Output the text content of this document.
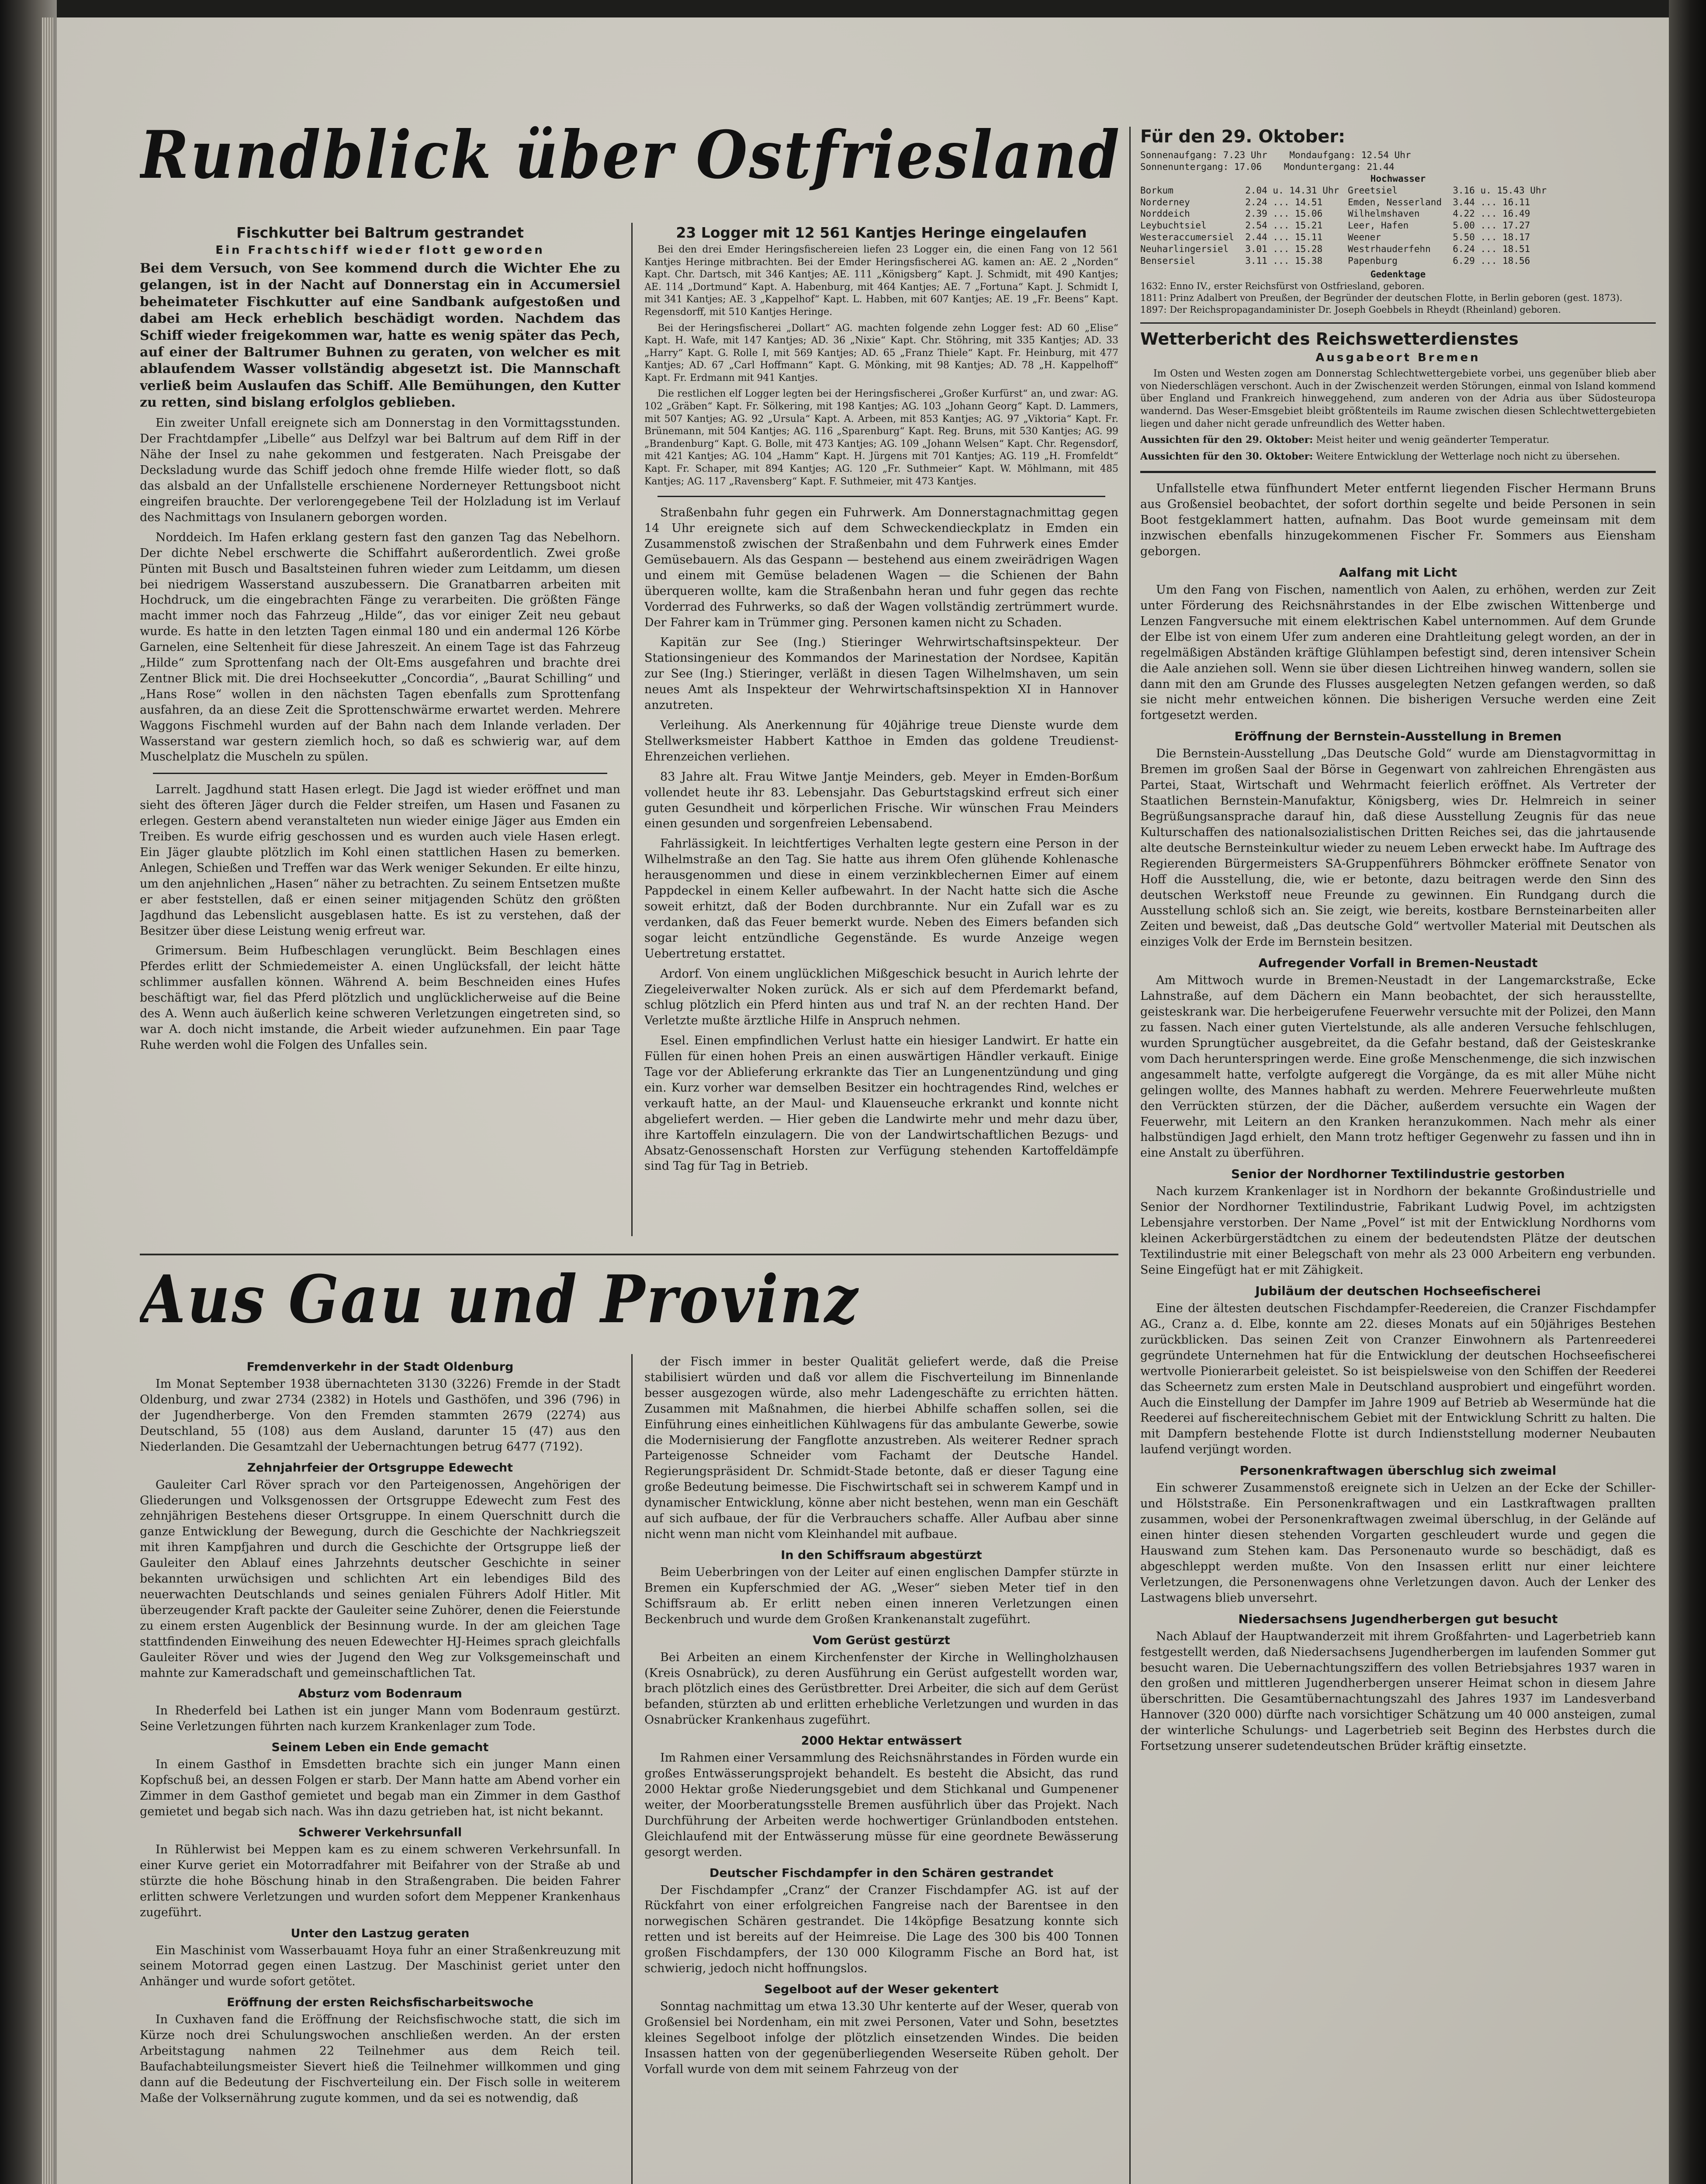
Rundblick über Ostfriesland
Fischkutter bei Baltrum gestrandet
Ein Frachtschiff wieder flott geworden
Bei dem Versuch, von See kommend durch die Wichter Ehe zu gelangen, ist in der Nacht auf Donnerstag ein in Accumersiel beheimateter Fischkutter auf eine Sandbank aufgestoßen und dabei am Heck erheblich beschädigt worden. Nachdem das Schiff wieder freigekommen war, hatte es wenig später das Pech, auf einer der Baltrumer Buhnen zu geraten, von welcher es mit ablaufendem Wasser vollständig abgesetzt ist. Die Mannschaft verließ beim Auslaufen das Schiff. Alle Bemühungen, den Kutter zu retten, sind bislang erfolglos geblieben.

Ein zweiter Unfall ereignete sich am Donnerstag in den Vormittagsstunden. Der Frachtdampfer „Libelle“ aus Delfzyl war bei Baltrum auf dem Riff in der Nähe der Insel zu nahe gekommen und festgeraten. Nach Preisgabe der Decksladung wurde das Schiff jedoch ohne fremde Hilfe wieder flott, so daß das alsbald an der Unfallstelle erschienene Norderneyer Rettungsboot nicht eingreifen brauchte. Der verlorengegebene Teil der Holzladung ist im Verlauf des Nachmittags von Insulanern geborgen worden.

Norddeich. Im Hafen erklang gestern fast den ganzen Tag das Nebelhorn. Der dichte Nebel erschwerte die Schiffahrt außerordentlich. Zwei große Pünten mit Busch und Basaltsteinen fuhren wieder zum Leitdamm, um diesen bei niedrigem Wasserstand auszubessern. Die Granatbarren arbeiten mit Hochdruck, um die eingebrachten Fänge zu verarbeiten. Die größten Fänge macht immer noch das Fahrzeug „Hilde“, das vor einiger Zeit neu gebaut wurde. Es hatte in den letzten Tagen einmal 180 und ein andermal 126 Körbe Garnelen, eine Seltenheit für diese Jahreszeit. An einem Tage ist das Fahrzeug „Hilde“ zum Sprottenfang nach der Olt-Ems ausgefahren und brachte drei Zentner Blick mit. Die drei Hochseekutter „Concordia“, „Baurat Schilling“ und „Hans Rose“ wollen in den nächsten Tagen ebenfalls zum Sprottenfang ausfahren, da an diese Zeit die Sprottenschwärme erwartet werden. Mehrere Waggons Fischmehl wurden auf der Bahn nach dem Inlande verladen. Der Wasserstand war gestern ziemlich hoch, so daß es schwierig war, auf dem Muschelplatz die Muscheln zu spülen.

Larrelt. Jagdhund statt Hasen erlegt. Die Jagd ist wieder eröffnet und man sieht des öfteren Jäger durch die Felder streifen, um Hasen und Fasanen zu erlegen. Gestern abend veranstalteten nun wieder einige Jäger aus Emden ein Treiben. Es wurde eifrig geschossen und es wurden auch viele Hasen erlegt. Ein Jäger glaubte plötzlich im Kohl einen stattlichen Hasen zu bemerken. Anlegen, Schießen und Treffen war das Werk weniger Sekunden. Er eilte hinzu, um den anjehnlichen „Hasen“ näher zu betrachten. Zu seinem Entsetzen mußte er aber feststellen, daß er einen seiner mitjagenden Schütz den größten Jagdhund das Lebenslicht ausgeblasen hatte. Es ist zu verstehen, daß der Besitzer über diese Leistung wenig erfreut war.

Grimersum. Beim Hufbeschlagen verunglückt. Beim Beschlagen eines Pferdes erlitt der Schmiedemeister A. einen Unglücksfall, der leicht hätte schlimmer ausfallen können. Während A. beim Beschneiden eines Hufes beschäftigt war, fiel das Pferd plötzlich und unglücklicherweise auf die Beine des A. Wenn auch äußerlich keine schweren Verletzungen eingetreten sind, so war A. doch nicht imstande, die Arbeit wieder aufzunehmen. Ein paar Tage Ruhe werden wohl die Folgen des Unfalles sein.

23 Logger mit 12 561 Kantjes Heringe eingelaufen

Bei den drei Emder Heringsfischereien liefen 23 Logger ein, die einen Fang von 12 561 Kantjes Heringe mitbrachten. Bei der Emder Heringsfischerei AG. kamen an: AE. 2 „Norden“ Kapt. Chr. Dartsch, mit 346 Kantjes; AE. 111 „Königsberg“ Kapt. J. Schmidt, mit 490 Kantjes; AE. 114 „Dortmund“ Kapt. A. Habenburg, mit 464 Kantjes; AE. 7 „Fortuna“ Kapt. J. Schmidt I, mit 341 Kantjes; AE. 3 „Kappelhof“ Kapt. L. Habben, mit 607 Kantjes; AE. 19 „Fr. Beens“ Kapt. Regensdorff, mit 510 Kantjes Heringe.

Bei der Heringsfischerei „Dollart“ AG. machten folgende zehn Logger fest: AD 60 „Elise“ Kapt. H. Wafe, mit 147 Kantjes; AD. 36 „Nixie“ Kapt. Chr. Stöhring, mit 335 Kantjes; AD. 33 „Harry“ Kapt. G. Rolle I, mit 569 Kantjes; AD. 65 „Franz Thiele“ Kapt. Fr. Heinburg, mit 477 Kantjes; AD. 67 „Carl Hoffmann“ Kapt. G. Mönking, mit 98 Kantjes; AD. 78 „H. Kappelhoff“ Kapt. Fr. Erdmann mit 941 Kantjes.

Die restlichen elf Logger legten bei der Heringsfischerei „Großer Kurfürst“ an, und zwar: AG. 102 „Gräben“ Kapt. Fr. Sölkering, mit 198 Kantjes; AG. 103 „Johann Georg“ Kapt. D. Lammers, mit 507 Kantjes; AG. 92 „Ursula“ Kapt. A. Arbeen, mit 853 Kantjes; AG. 97 „Viktoria“ Kapt. Fr. Brünemann, mit 504 Kantjes; AG. 116 „Sparenburg“ Kapt. Reg. Bruns, mit 530 Kantjes; AG. 99 „Brandenburg“ Kapt. G. Bolle, mit 473 Kantjes; AG. 109 „Johann Welsen“ Kapt. Chr. Regensdorf, mit 421 Kantjes; AG. 104 „Hamm“ Kapt. H. Jürgens mit 701 Kantjes; AG. 119 „H. Fromfeldt“ Kapt. Fr. Schaper, mit 894 Kantjes; AG. 120 „Fr. Suthmeier“ Kapt. W. Möhlmann, mit 485 Kantjes; AG. 117 „Ravensberg“ Kapt. F. Suthmeier, mit 473 Kantjes.

Straßenbahn fuhr gegen ein Fuhrwerk. Am Donnerstagnachmittag gegen 14 Uhr ereignete sich auf dem Schweckendieckplatz in Emden ein Zusammenstoß zwischen der Straßenbahn und dem Fuhrwerk eines Emder Gemüsebauern. Als das Gespann — bestehend aus einem zweirädrigen Wagen und einem mit Gemüse beladenen Wagen — die Schienen der Bahn überqueren wollte, kam die Straßenbahn heran und fuhr gegen das rechte Vorderrad des Fuhrwerks, so daß der Wagen vollständig zertrümmert wurde. Der Fahrer kam in Trümmer ging. Personen kamen nicht zu Schaden.

Kapitän zur See (Ing.) Stieringer Wehrwirtschaftsinspekteur. Der Stationsingenieur des Kommandos der Marinestation der Nordsee, Kapitän zur See (Ing.) Stieringer, verläßt in diesen Tagen Wilhelmshaven, um sein neues Amt als Inspekteur der Wehrwirtschaftsinspektion XI in Hannover anzutreten.

Verleihung. Als Anerkennung für 40jährige treue Dienste wurde dem Stellwerksmeister Habbert Katthoe in Emden das goldene Treudienst-Ehrenzeichen verliehen.

83 Jahre alt. Frau Witwe Jantje Meinders, geb. Meyer in Emden-Borßum vollendet heute ihr 83. Lebensjahr. Das Geburtstagskind erfreut sich einer guten Gesundheit und körperlichen Frische. Wir wünschen Frau Meinders einen gesunden und sorgenfreien Lebensabend.

Fahrlässigkeit. In leichtfertiges Verhalten legte gestern eine Person in der Wilhelmstraße an den Tag. Sie hatte aus ihrem Ofen glühende Kohlenasche herausgenommen und diese in einem verzinkblechernen Eimer auf einem Pappdeckel in einem Keller aufbewahrt. In der Nacht hatte sich die Asche soweit erhitzt, daß der Boden durchbrannte. Nur ein Zufall war es zu verdanken, daß das Feuer bemerkt wurde. Neben des Eimers befanden sich sogar leicht entzündliche Gegenstände. Es wurde Anzeige wegen Uebertretung erstattet.

Ardorf. Von einem unglücklichen Mißgeschick besucht in Aurich lehrte der Ziegeleiverwalter Noken zurück. Als er sich auf dem Pferdemarkt befand, schlug plötzlich ein Pferd hinten aus und traf N. an der rechten Hand. Der Verletzte mußte ärztliche Hilfe in Anspruch nehmen.

Esel. Einen empfindlichen Verlust hatte ein hiesiger Landwirt. Er hatte ein Füllen für einen hohen Preis an einen auswärtigen Händler verkauft. Einige Tage vor der Ablieferung erkrankte das Tier an Lungenentzündung und ging ein. Kurz vorher war demselben Besitzer ein hochtragendes Rind, welches er verkauft hatte, an der Maul- und Klauenseuche erkrankt und konnte nicht abgeliefert werden. — Hier geben die Landwirte mehr und mehr dazu über, ihre Kartoffeln einzulagern. Die von der Landwirtschaftlichen Bezugs- und Absatz-Genossenschaft Horsten zur Verfügung stehenden Kartoffeldämpfe sind Tag für Tag in Betrieb.

Für den 29. Oktober:
Sonnenaufgang: 7.23 Uhr Mondaufgang: 12.54 Uhr
Sonnenuntergang: 17.06 Monduntergang: 21.44
Hochwasser
Borkum             2.04 u. 14.31 Uhr
Norderney          2.24 ... 14.51
Norddeich          2.39 ... 15.06
Leybuchtsiel       2.54 ... 15.21
Westeraccumersiel  2.44 ... 15.11
Neuharlingersiel   3.01 ... 15.28
Bensersiel         3.11 ... 15.38
Greetsiel          3.16 u. 15.43 Uhr
Emden, Nesserland  3.44 ... 16.11
Wilhelmshaven      4.22 ... 16.49
Leer, Hafen        5.00 ... 17.27
Weener             5.50 ... 18.17
Westrhauderfehn    6.24 ... 18.51
Papenburg          6.29 ... 18.56
Gedenktage
1632: Enno IV., erster Reichsfürst von Ostfriesland, geboren.
1811: Prinz Adalbert von Preußen, der Begründer der deutschen Flotte, in Berlin geboren (gest. 1873).
1897: Der Reichspropagandaminister Dr. Joseph Goebbels in Rheydt (Rheinland) geboren.
Wetterbericht des Reichswetterdienstes
Ausgabeort Bremen

Im Osten und Westen zogen am Donnerstag Schlechtwettergebiete vorbei, uns gegenüber blieb aber von Niederschlägen verschont. Auch in der Zwischenzeit werden Störungen, einmal von Island kommend über England und Frankreich hinweggehend, zum anderen von der Adria aus über Südosteuropa wandernd. Das Weser-Emsgebiet bleibt größtenteils im Raume zwischen diesen Schlechtwettergebieten liegen und daher nicht gerade unfreundlich des Wetter haben.

Aussichten für den 29. Oktober: Meist heiter und wenig geänderter Temperatur.

Aussichten für den 30. Oktober: Weitere Entwicklung der Wetterlage noch nicht zu übersehen.

Unfallstelle etwa fünfhundert Meter entfernt liegenden Fischer Hermann Bruns aus Großensiel beobachtet, der sofort dorthin segelte und beide Personen in sein Boot festgeklammert hatten, aufnahm. Das Boot wurde gemeinsam mit dem inzwischen ebenfalls hinzugekommenen Fischer Fr. Sommers aus Eiensham geborgen.

Aalfang mit Licht

Um den Fang von Fischen, namentlich von Aalen, zu erhöhen, werden zur Zeit unter Förderung des Reichsnährstandes in der Elbe zwischen Wittenberge und Lenzen Fangversuche mit einem elektrischen Kabel unternommen. Auf dem Grunde der Elbe ist von einem Ufer zum anderen eine Drahtleitung gelegt worden, an der in regelmäßigen Abständen kräftige Glühlampen befestigt sind, deren intensiver Schein die Aale anziehen soll. Wenn sie über diesen Lichtreihen hinweg wandern, sollen sie dann mit den am Grunde des Flusses ausgelegten Netzen gefangen werden, so daß sie nicht mehr entweichen können. Die bisherigen Versuche werden eine Zeit fortgesetzt werden.

Eröffnung der Bernstein-Ausstellung in Bremen

Die Bernstein-Ausstellung „Das Deutsche Gold“ wurde am Dienstagvormittag in Bremen im großen Saal der Börse in Gegenwart von zahlreichen Ehrengästen aus Partei, Staat, Wirtschaft und Wehrmacht feierlich eröffnet. Als Vertreter der Staatlichen Bernstein-Manufaktur, Königsberg, wies Dr. Helmreich in seiner Begrüßungsansprache darauf hin, daß diese Ausstellung Zeugnis für das neue Kulturschaffen des nationalsozialistischen Dritten Reiches sei, das die jahrtausende alte deutsche Bernsteinkultur wieder zu neuem Leben erweckt habe. Im Auftrage des Regierenden Bürgermeisters SA-Gruppenführers Böhmcker eröffnete Senator von Hoff die Ausstellung, die, wie er betonte, dazu beitragen werde den Sinn des deutschen Werkstoff neue Freunde zu gewinnen. Ein Rundgang durch die Ausstellung schloß sich an. Sie zeigt, wie bereits, kostbare Bernsteinarbeiten aller Zeiten und beweist, daß „Das deutsche Gold“ wertvoller Material mit Deutschen als einziges Volk der Erde im Bernstein besitzen.

Aufregender Vorfall in Bremen-Neustadt

Am Mittwoch wurde in Bremen-Neustadt in der Langemarckstraße, Ecke Lahnstraße, auf dem Dächern ein Mann beobachtet, der sich herausstellte, geisteskrank war. Die herbeigerufene Feuerwehr versuchte mit der Polizei, den Mann zu fassen. Nach einer guten Viertelstunde, als alle anderen Versuche fehlschlugen, wurden Sprungtücher ausgebreitet, da die Gefahr bestand, daß der Geisteskranke vom Dach herunterspringen werde. Eine große Menschenmenge, die sich inzwischen angesammelt hatte, verfolgte aufgeregt die Vorgänge, da es mit aller Mühe nicht gelingen wollte, des Mannes habhaft zu werden. Mehrere Feuerwehrleute mußten den Verrückten stürzen, der die Dächer, außerdem versuchte ein Wagen der Feuerwehr, mit Leitern an den Kranken heranzukommen. Nach mehr als einer halbstündigen Jagd erhielt, den Mann trotz heftiger Gegenwehr zu fassen und ihn in eine Anstalt zu überführen.

Senior der Nordhorner Textilindustrie gestorben

Nach kurzem Krankenlager ist in Nordhorn der bekannte Großindustrielle und Senior der Nordhorner Textilindustrie, Fabrikant Ludwig Povel, im achtzigsten Lebensjahre verstorben. Der Name „Povel“ ist mit der Entwicklung Nordhorns vom kleinen Ackerbürgerstädtchen zu einem der bedeutendsten Plätze der deutschen Textilindustrie mit einer Belegschaft von mehr als 23 000 Arbeitern eng verbunden. Seine Eingefügt hat er mit Zähigkeit.

Jubiläum der deutschen Hochseefischerei

Eine der ältesten deutschen Fischdampfer-Reedereien, die Cranzer Fischdampfer AG., Cranz a. d. Elbe, konnte am 22. dieses Monats auf ein 50jähriges Bestehen zurückblicken. Das seinen Zeit von Cranzer Einwohnern als Partenreederei gegründete Unternehmen hat für die Entwicklung der deutschen Hochseefischerei wertvolle Pionierarbeit geleistet. So ist beispielsweise von den Schiffen der Reederei das Scheernetz zum ersten Male in Deutschland ausprobiert und eingeführt worden. Auch die Einstellung der Dampfer im Jahre 1909 auf Betrieb ab Wesermünde hat die Reederei auf fischereitechnischem Gebiet mit der Entwicklung Schritt zu halten. Die mit Dampfern bestehende Flotte ist durch Indienststellung moderner Neubauten laufend verjüngt worden.

Personenkraftwagen überschlug sich zweimal

Ein schwerer Zusammenstoß ereignete sich in Uelzen an der Ecke der Schiller- und Hölststraße. Ein Personenkraftwagen und ein Lastkraftwagen prallten zusammen, wobei der Personenkraftwagen zweimal überschlug, in der Gelände auf einen hinter diesen stehenden Vorgarten geschleudert wurde und gegen die Hauswand zum Stehen kam. Das Personenauto wurde so beschädigt, daß es abgeschleppt werden mußte. Von den Insassen erlitt nur einer leichtere Verletzungen, die Personenwagens ohne Verletzungen davon. Auch der Lenker des Lastwagens blieb unversehrt.

Niedersachsens Jugendherbergen gut besucht

Nach Ablauf der Hauptwanderzeit mit ihrem Großfahrten- und Lagerbetrieb kann festgestellt werden, daß Niedersachsens Jugendherbergen im laufenden Sommer gut besucht waren. Die Uebernachtungsziffern des vollen Betriebsjahres 1937 waren in den großen und mittleren Jugendherbergen unserer Heimat schon in diesem Jahre überschritten. Die Gesamtübernachtungszahl des Jahres 1937 im Landesverband Hannover (320 000) dürfte nach vorsichtiger Schätzung um 40 000 ansteigen, zumal der winterliche Schulungs- und Lagerbetrieb seit Beginn des Herbstes durch die Fortsetzung unserer sudetendeutschen Brüder kräftig einsetzte.

Aus Gau und Provinz
Fremdenverkehr in der Stadt Oldenburg

Im Monat September 1938 übernachteten 3130 (3226) Fremde in der Stadt Oldenburg, und zwar 2734 (2382) in Hotels und Gasthöfen, und 396 (796) in der Jugendherberge. Von den Fremden stammten 2679 (2274) aus Deutschland, 55 (108) aus dem Ausland, darunter 15 (47) aus den Niederlanden. Die Gesamtzahl der Uebernachtungen betrug 6477 (7192).

Zehnjahrfeier der Ortsgruppe Edewecht

Gauleiter Carl Röver sprach vor den Parteigenossen, Angehörigen der Gliederungen und Volksgenossen der Ortsgruppe Edewecht zum Fest des zehnjährigen Bestehens dieser Ortsgruppe. In einem Querschnitt durch die ganze Entwicklung der Bewegung, durch die Geschichte der Nachkriegszeit mit ihren Kampfjahren und durch die Geschichte der Ortsgruppe ließ der Gauleiter den Ablauf eines Jahrzehnts deutscher Geschichte in seiner bekannten urwüchsigen und schlichten Art ein lebendiges Bild des neuerwachten Deutschlands und seines genialen Führers Adolf Hitler. Mit überzeugender Kraft packte der Gauleiter seine Zuhörer, denen die Feierstunde zu einem ersten Augenblick der Besinnung wurde. In der am gleichen Tage stattfindenden Einweihung des neuen Edewechter HJ-Heimes sprach gleichfalls Gauleiter Röver und wies der Jugend den Weg zur Volksgemeinschaft und mahnte zur Kameradschaft und gemeinschaftlichen Tat.

Absturz vom Bodenraum

In Rhederfeld bei Lathen ist ein junger Mann vom Bodenraum gestürzt. Seine Verletzungen führten nach kurzem Krankenlager zum Tode.

Seinem Leben ein Ende gemacht

In einem Gasthof in Emsdetten brachte sich ein junger Mann einen Kopfschuß bei, an dessen Folgen er starb. Der Mann hatte am Abend vorher ein Zimmer in dem Gasthof gemietet und begab man ein Zimmer in dem Gasthof gemietet und begab sich nach. Was ihn dazu getrieben hat, ist nicht bekannt.

Schwerer Verkehrsunfall

In Rühlerwist bei Meppen kam es zu einem schweren Verkehrsunfall. In einer Kurve geriet ein Motorradfahrer mit Beifahrer von der Straße ab und stürzte die hohe Böschung hinab in den Straßengraben. Die beiden Fahrer erlitten schwere Verletzungen und wurden sofort dem Meppener Krankenhaus zugeführt.

Unter den Lastzug geraten

Ein Maschinist vom Wasserbauamt Hoya fuhr an einer Straßenkreuzung mit seinem Motorrad gegen einen Lastzug. Der Maschinist geriet unter den Anhänger und wurde sofort getötet.

Eröffnung der ersten Reichsfischarbeitswoche

In Cuxhaven fand die Eröffnung der Reichsfischwoche statt, die sich im Kürze noch drei Schulungswochen anschließen werden. An der ersten Arbeitstagung nahmen 22 Teilnehmer aus dem Reich teil. Baufachabteilungsmeister Sievert hieß die Teilnehmer willkommen und ging dann auf die Bedeutung der Fischverteilung ein. Der Fisch solle in weiterem Maße der Volksernährung zugute kommen, und da sei es notwendig, daß

der Fisch immer in bester Qualität geliefert werde, daß die Preise stabilisiert würden und daß vor allem die Fischverteilung im Binnenlande besser ausgezogen würde, also mehr Ladengeschäfte zu errichten hätten. Zusammen mit Maßnahmen, die hierbei Abhilfe schaffen sollen, sei die Einführung eines einheitlichen Kühlwagens für das ambulante Gewerbe, sowie die Modernisierung der Fangflotte anzustreben. Als weiterer Redner sprach Parteigenosse Schneider vom Fachamt der Deutsche Handel. Regierungspräsident Dr. Schmidt-Stade betonte, daß er dieser Tagung eine große Bedeutung beimesse. Die Fischwirtschaft sei in schwerem Kampf und in dynamischer Entwicklung, könne aber nicht bestehen, wenn man ein Geschäft auf sich aufbaue, der für die Verbrauchers schaffe. Aller Aufbau aber sinne nicht wenn man nicht vom Kleinhandel mit aufbaue.

In den Schiffsraum abgestürzt

Beim Ueberbringen von der Leiter auf einen englischen Dampfer stürzte in Bremen ein Kupferschmied der AG. „Weser“ sieben Meter tief in den Schiffsraum ab. Er erlitt neben einen inneren Verletzungen einen Beckenbruch und wurde dem Großen Krankenanstalt zugeführt.

Vom Gerüst gestürzt

Bei Arbeiten an einem Kirchenfenster der Kirche in Wellingholzhausen (Kreis Osnabrück), zu deren Ausführung ein Gerüst aufgestellt worden war, brach plötzlich eines des Gerüstbretter. Drei Arbeiter, die sich auf dem Gerüst befanden, stürzten ab und erlitten erhebliche Verletzungen und wurden in das Osnabrücker Krankenhaus zugeführt.

2000 Hektar entwässert

Im Rahmen einer Versammlung des Reichsnährstandes in Förden wurde ein großes Entwässerungsprojekt behandelt. Es besteht die Absicht, das rund 2000 Hektar große Niederungsgebiet und dem Stichkanal und Gumpenener weiter, der Moorberatungsstelle Bremen ausführlich über das Projekt. Nach Durchführung der Arbeiten werde hochwertiger Grünlandboden entstehen. Gleichlaufend mit der Entwässerung müsse für eine geordnete Bewässerung gesorgt werden.

Deutscher Fischdampfer in den Schären gestrandet

Der Fischdampfer „Cranz“ der Cranzer Fischdampfer AG. ist auf der Rückfahrt von einer erfolgreichen Fangreise nach der Barentsee in den norwegischen Schären gestrandet. Die 14köpfige Besatzung konnte sich retten und ist bereits auf der Heimreise. Die Lage des 300 bis 400 Tonnen großen Fischdampfers, der 130 000 Kilogramm Fische an Bord hat, ist schwierig, jedoch nicht hoffnungslos.

Segelboot auf der Weser gekentert

Sonntag nachmittag um etwa 13.30 Uhr kenterte auf der Weser, querab von Großensiel bei Nordenham, ein mit zwei Personen, Vater und Sohn, besetztes kleines Segelboot infolge der plötzlich einsetzenden Windes. Die beiden Insassen hatten von der gegenüberliegenden Weserseite Rüben geholt. Der Vorfall wurde von dem mit seinem Fahrzeug von der
